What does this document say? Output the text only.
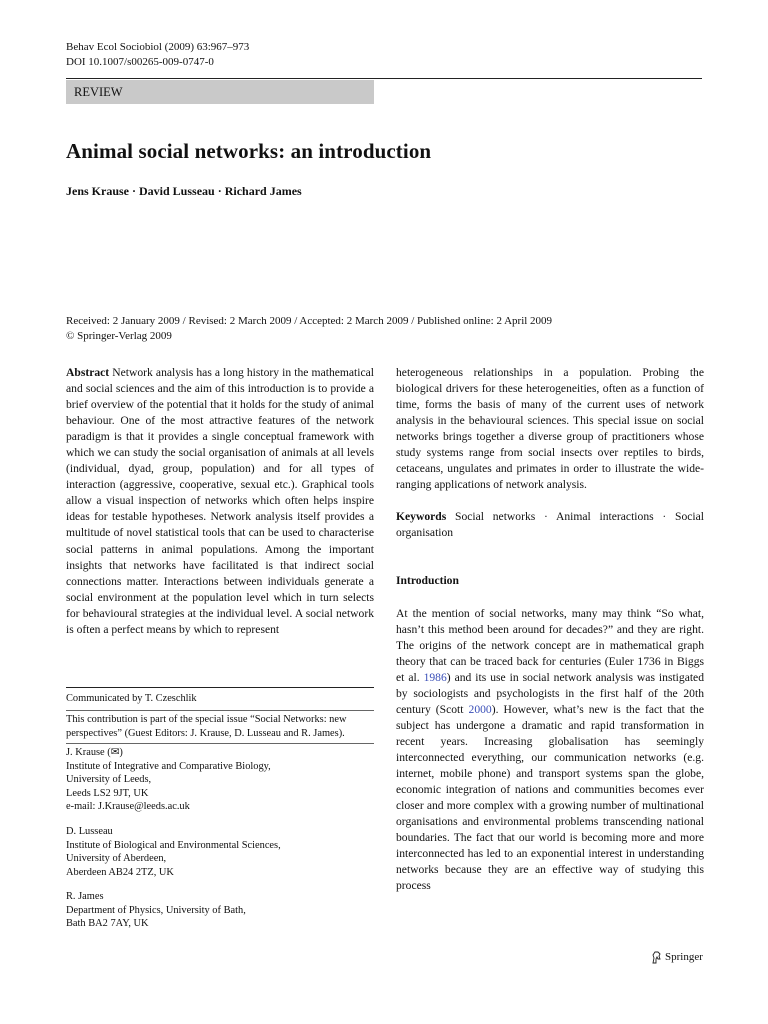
Behav Ecol Sociobiol (2009) 63:967–973
DOI 10.1007/s00265-009-0747-0
REVIEW
Animal social networks: an introduction
Jens Krause · David Lusseau · Richard James
Received: 2 January 2009 / Revised: 2 March 2009 / Accepted: 2 March 2009 / Published online: 2 April 2009
© Springer-Verlag 2009

Abstract Network analysis has a long history in the mathematical and social sciences and the aim of this introduction is to provide a brief overview of the potential that it holds for the study of animal behaviour. One of the most attractive features of the network paradigm is that it provides a single conceptual framework with which we can study the social organisation of animals at all levels (individual, dyad, group, population) and for all types of interaction (aggressive, cooperative, sexual etc.). Graphical tools allow a visual inspection of networks which often helps inspire ideas for testable hypotheses. Network analysis itself provides a multitude of novel statistical tools that can be used to characterise social patterns in animal populations. Among the important insights that networks have facilitated is that indirect social connections matter. Interactions between individuals generate a social environment at the population level which in turn selects for behavioural strategies at the individual level. A social network is often a perfect means by which to represent

Communicated by T. Czeschlik
This contribution is part of the special issue “Social Networks: new perspectives” (Guest Editors: J. Krause, D. Lusseau and R. James).
J. Krause (✉)
Institute of Integrative and Comparative Biology,
University of Leeds,
Leeds LS2 9JT, UK
e-mail: J.Krause@leeds.ac.uk
D. Lusseau
Institute of Biological and Environmental Sciences,
University of Aberdeen,
Aberdeen AB24 2TZ, UK
R. James
Department of Physics, University of Bath,
Bath BA2 7AY, UK

heterogeneous relationships in a population. Probing the biological drivers for these heterogeneities, often as a function of time, forms the basis of many of the current uses of network analysis in the behavioural sciences. This special issue on social networks brings together a diverse group of practitioners whose study systems range from social insects over reptiles to birds, cetaceans, ungulates and primates in order to illustrate the wide-ranging applications of network analysis.

Keywords Social networks · Animal interactions · Social organisation

Introduction

At the mention of social networks, many may think “So what, hasn’t this method been around for decades?” and they are right. The origins of the network concept are in mathematical graph theory that can be traced back for centuries (Euler 1736 in Biggs et al. 1986) and its use in social network analysis was instigated by sociologists and psychologists in the first half of the 20th century (Scott 2000). However, what’s new is the fact that the subject has undergone a dramatic and rapid transformation in recent years. Increasing globalisation has seemingly interconnected everything, our communication networks (e.g. internet, mobile phone) and transport systems span the globe, economic integration of nations and communities becomes ever closer and more complex with a growing number of multinational organisations and environmental problems transcending national boundaries. The fact that our world is becoming more and more interconnected has led to an exponential interest in understanding networks because they are an effective way of studying this process

Springer
